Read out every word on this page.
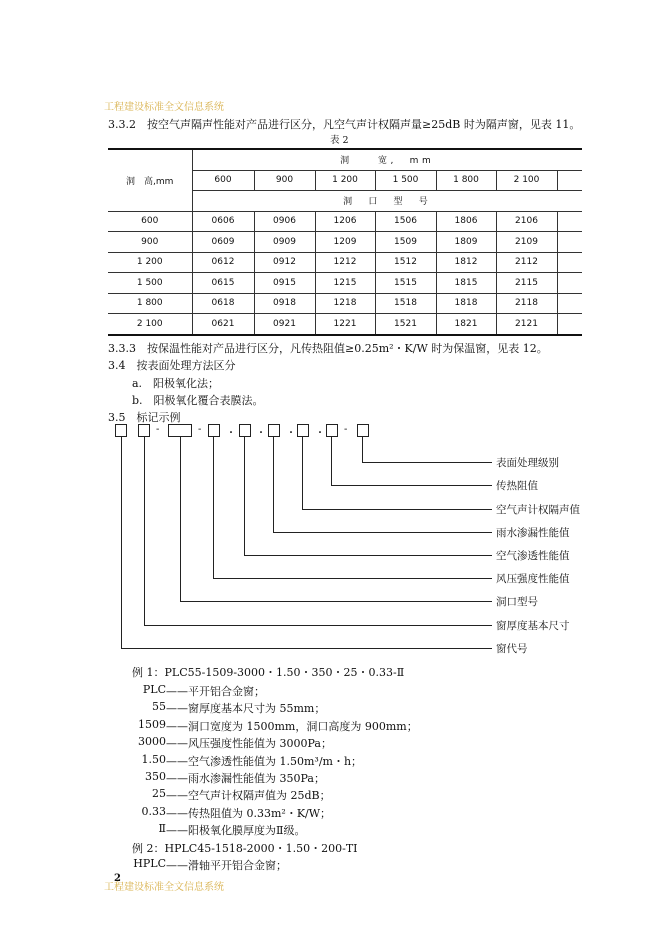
工程建设标准全文信息系统
3.3.2　按空气声隔声性能对产品进行区分，凡空气声计权隔声量≥25dB 时为隔声窗，见表 11。
表 2
洞　高,mm	洞　　宽,　mm						
	600	900	1 200	1 500	1 800	2 100	
	洞　口　型　号						
600	0606	0906	1206	1506	1806	2106	
900	0609	0909	1209	1509	1809	2109	
1 200	0612	0912	1212	1512	1812	2112	
1 500	0615	0915	1215	1515	1815	2115	
1 800	0618	0918	1218	1518	1818	2118	
2 100	0621	0921	1221	1521	1821	2121	
3.3.3　按保温性能对产品进行区分，凡传热阻值≥0.25m²・K/W 时为保温窗，见表 12。
3.4　按表面处理方法区分
a.　阳极氧化法；
b.　阳极氧化覆合表膜法。
3.5　标记示例
-	- ・ ・ ・ ・ -
表面处理级别
传热阻值
空气声计权隔声值
雨水渗漏性能值
空气渗透性能值
风压强度性能值
洞口型号
窗厚度基本尺寸
窗代号
例 1：PLC55-1509-3000・1.50・350・25・0.33-Ⅱ
PLC ——平开铝合金窗；
55 ——窗厚度基本尺寸为 55mm；
1509 ——洞口宽度为 1500mm，洞口高度为 900mm；
3000 ——风压强度性能值为 3000Pa；
1.50 ——空气渗透性能值为 1.50m³/m・h；
350 ——雨水渗漏性能值为 350Pa；
25 ——空气声计权隔声值为 25dB；
0.33 ——传热阻值为 0.33m²・K/W；
Ⅱ ——阳极氧化膜厚度为Ⅱ级。
例 2：HPLC45-1518-2000・1.50・200-TⅠ
HPLC ——滑轴平开铝合金窗；
工程建设标准全文信息系统
2
